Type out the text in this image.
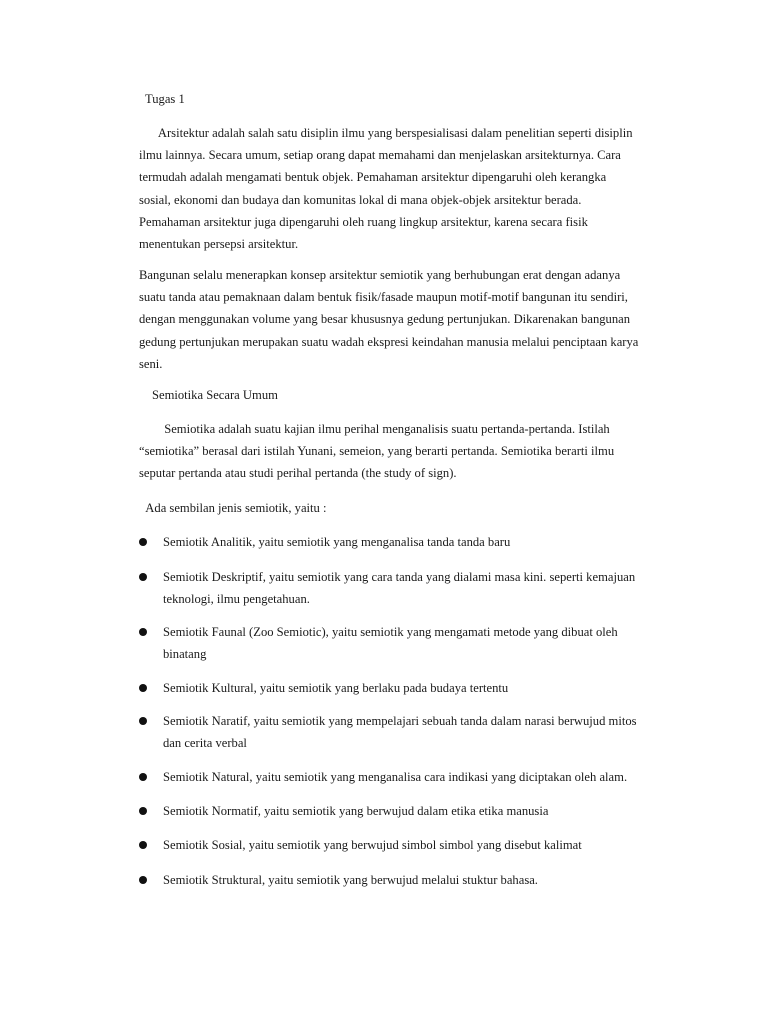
Tugas 1

Arsitektur adalah salah satu disiplin ilmu yang berspesialisasi dalam penelitian seperti disiplin ilmu lainnya. Secara umum, setiap orang dapat memahami dan menjelaskan arsitekturnya. Cara termudah adalah mengamati bentuk objek. Pemahaman arsitektur dipengaruhi oleh kerangka sosial, ekonomi dan budaya dan komunitas lokal di mana objek-objek arsitektur berada. Pemahaman arsitektur juga dipengaruhi oleh ruang lingkup arsitektur, karena secara fisik menentukan persepsi arsitektur.

Bangunan selalu menerapkan konsep arsitektur semiotik yang berhubungan erat dengan adanya suatu tanda atau pemaknaan dalam bentuk fisik/fasade maupun motif-motif bangunan itu sendiri, dengan menggunakan volume yang besar khususnya gedung pertunjukan. Dikarenakan bangunan gedung pertunjukan merupakan suatu wadah ekspresi keindahan manusia melalui penciptaan karya seni.

Semiotika Secara Umum

Semiotika adalah suatu kajian ilmu perihal menganalisis suatu pertanda-pertanda. Istilah “semiotika” berasal dari istilah Yunani, semeion, yang berarti pertanda. Semiotika berarti ilmu seputar pertanda atau studi perihal pertanda (the study of sign).

Ada sembilan jenis semiotik, yaitu :

Semiotik Analitik, yaitu semiotik yang menganalisa tanda tanda baru

Semiotik Deskriptif, yaitu semiotik yang cara tanda yang dialami masa kini. seperti kemajuan teknologi, ilmu pengetahuan.

Semiotik Faunal (Zoo Semiotic), yaitu semiotik yang mengamati metode yang dibuat oleh binatang

Semiotik Kultural, yaitu semiotik yang berlaku pada budaya tertentu

Semiotik Naratif, yaitu semiotik yang mempelajari sebuah tanda dalam narasi berwujud mitos dan cerita verbal

Semiotik Natural, yaitu semiotik yang menganalisa cara indikasi yang diciptakan oleh alam.

Semiotik Normatif, yaitu semiotik yang berwujud dalam etika etika manusia

Semiotik Sosial, yaitu semiotik yang berwujud simbol simbol yang disebut kalimat

Semiotik Struktural, yaitu semiotik yang berwujud melalui stuktur bahasa.
